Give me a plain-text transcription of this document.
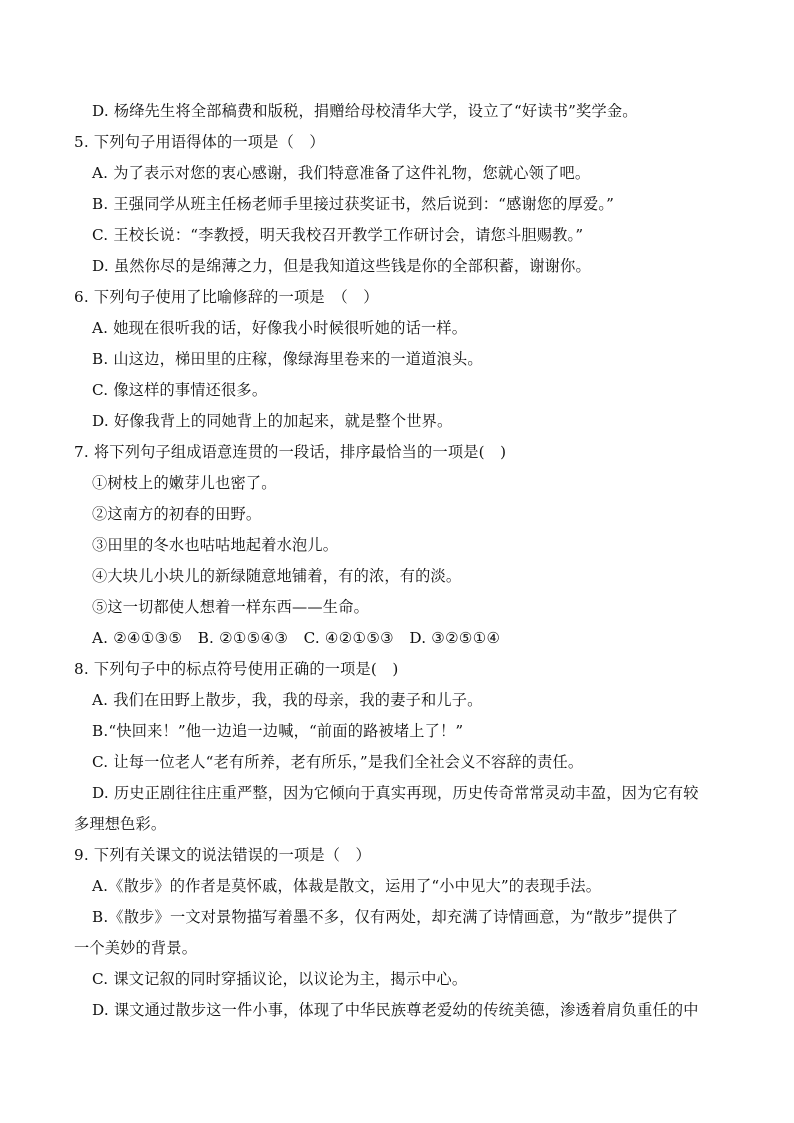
D. 杨绛先生将全部稿费和版税，捐赠给母校清华大学，设立了“好读书”奖学金。
5. 下列句子用语得体的一项是（　）
A. 为了表示对您的衷心感谢，我们特意准备了这件礼物，您就心领了吧。
B. 王强同学从班主任杨老师手里接过获奖证书，然后说到：“感谢您的厚爱。”
C. 王校长说：“李教授，明天我校召开教学工作研讨会，请您斗胆赐教。”
D. 虽然你尽的是绵薄之力，但是我知道这些钱是你的全部积蓄，谢谢你。
6. 下列句子使用了比喻修辞的一项是　（　）
A. 她现在很听我的话，好像我小时候很听她的话一样。
B. 山这边，梯田里的庄稼，像绿海里卷来的一道道浪头。
C. 像这样的事情还很多。
D. 好像我背上的同她背上的加起来，就是整个世界。
7. 将下列句子组成语意连贯的一段话，排序最恰当的一项是(　)
①树枝上的嫩芽儿也密了。
②这南方的初春的田野。
③田里的冬水也咕咕地起着水泡儿。
④大块儿小块儿的新绿随意地铺着，有的浓，有的淡。
⑤这一切都使人想着一样东西——生命。
A. ②④①③⑤　B. ②①⑤④③　C. ④②①⑤③　D. ③②⑤①④
8. 下列句子中的标点符号使用正确的一项是(　)
A. 我们在田野上散步，我，我的母亲，我的妻子和儿子。
B.“快回来！”他一边追一边喊，“前面的路被堵上了！”
C. 让每一位老人“老有所养，老有所乐，”是我们全社会义不容辞的责任。
D. 历史正剧往往庄重严整，因为它倾向于真实再现，历史传奇常常灵动丰盈，因为它有较
多理想色彩。
9. 下列有关课文的说法错误的一项是（　）
A.《散步》的作者是莫怀戚，体裁是散文，运用了“小中见大”的表现手法。
B.《散步》一文对景物描写着墨不多，仅有两处，却充满了诗情画意，为“散步”提供了
一个美妙的背景。
C. 课文记叙的同时穿插议论，以议论为主，揭示中心。
D. 课文通过散步这一件小事，体现了中华民族尊老爱幼的传统美德，渗透着肩负重任的中
